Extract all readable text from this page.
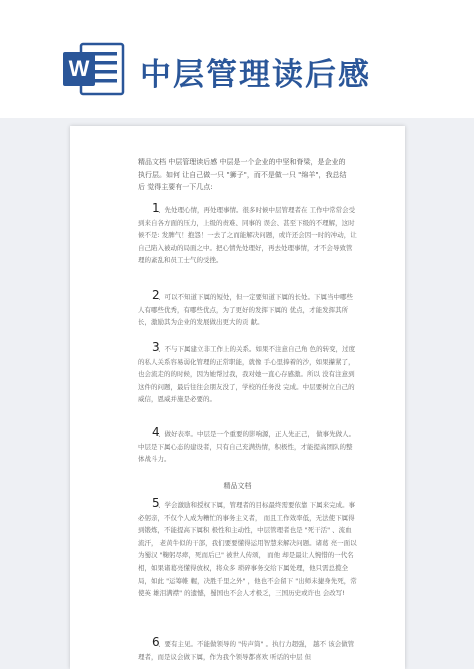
W 中层管理读后感
精品文档 中层管理读后感 中层是一个企业的中坚和脊梁，是企业的执行层。如何 让自己做一只 "狮子"，而不是做一只 "绵羊"，我总结后 觉得主要有一下几点:
1

、先处理心情，再处理事情。很多时候中层管理者在 工作中常常会受到来自各方面的压力，上级的责难、同事的 误会、甚至下级的不理解，这时候不是: 发脾气！抱怨！一去了之而能解决问题，或许还会因一时的冲动，让自己陷入被动的局面之中。把心情先处理好，再去处理事情，才不会导致管理的紊乱和员工士气的受挫。

2

、可以不知道下属的短处，但一定要知道下属的长处。下属当中哪些人有哪些优秀，有哪些优点，为了更好的发挥下属的 优点，才能发挥其所长，激励其为企业的发展做出更大的贡 献。

3

、不与下属建立非工作上的关系。如果不注意自己角 色的转变，过度的私人关系容易弱化管理的正常职能，就像 手心里捧着的沙，如果攥紧了，也会流走的的时候，因为她帮过我，我对她一直心存感激。所以 没有注意到这件的问题，最后往往会朋友没了，学校的任务没 完成。中层要树立自己的威信，恩威并施是必要的。

4

、做好表率。中层是一个重要的影响源，正人先正己， 做事先做人。中层是下属心态的建设者，只有自己充满热情，积极性，才能提高团队的整体战斗力。

精品文档
5

、学会激励和授权下属，管理者的目标最终需要依靠 下属来完成。事必躬亲，不仅个人成为糟忙的事务主义者， 而且工作效率低，无法使下属得到锻炼，不能提高下属积 极性和主动性，中层管理者也是 "死干活" 、流血流汗， 老黄牛似的干部，我们要要懂得运用智慧来解决问题。诸葛 亮一面以为蜀汉 "鞠躬尽瘁，死而后已" 被世人传颂， 而他 却是最让人惋惜的一代名相，如果诸葛亮懂得放权，将众多 琐碎事务交给下属处理，他只需总揽全局，如此 "运筹帷 幄，决胜千里之外" ，他也不会留下 "出师未捷身先死，常使英 雄泪满襟" 的遗憾，蜀国也不会人才极乏，三国历史或许也 会改写!

6

、要有主见。不能做领导的 "传声筒" 。执行力超强， 越不 该会做管理者，而是议会做下属，作为我个领导都喜欢 听话的中层 但
